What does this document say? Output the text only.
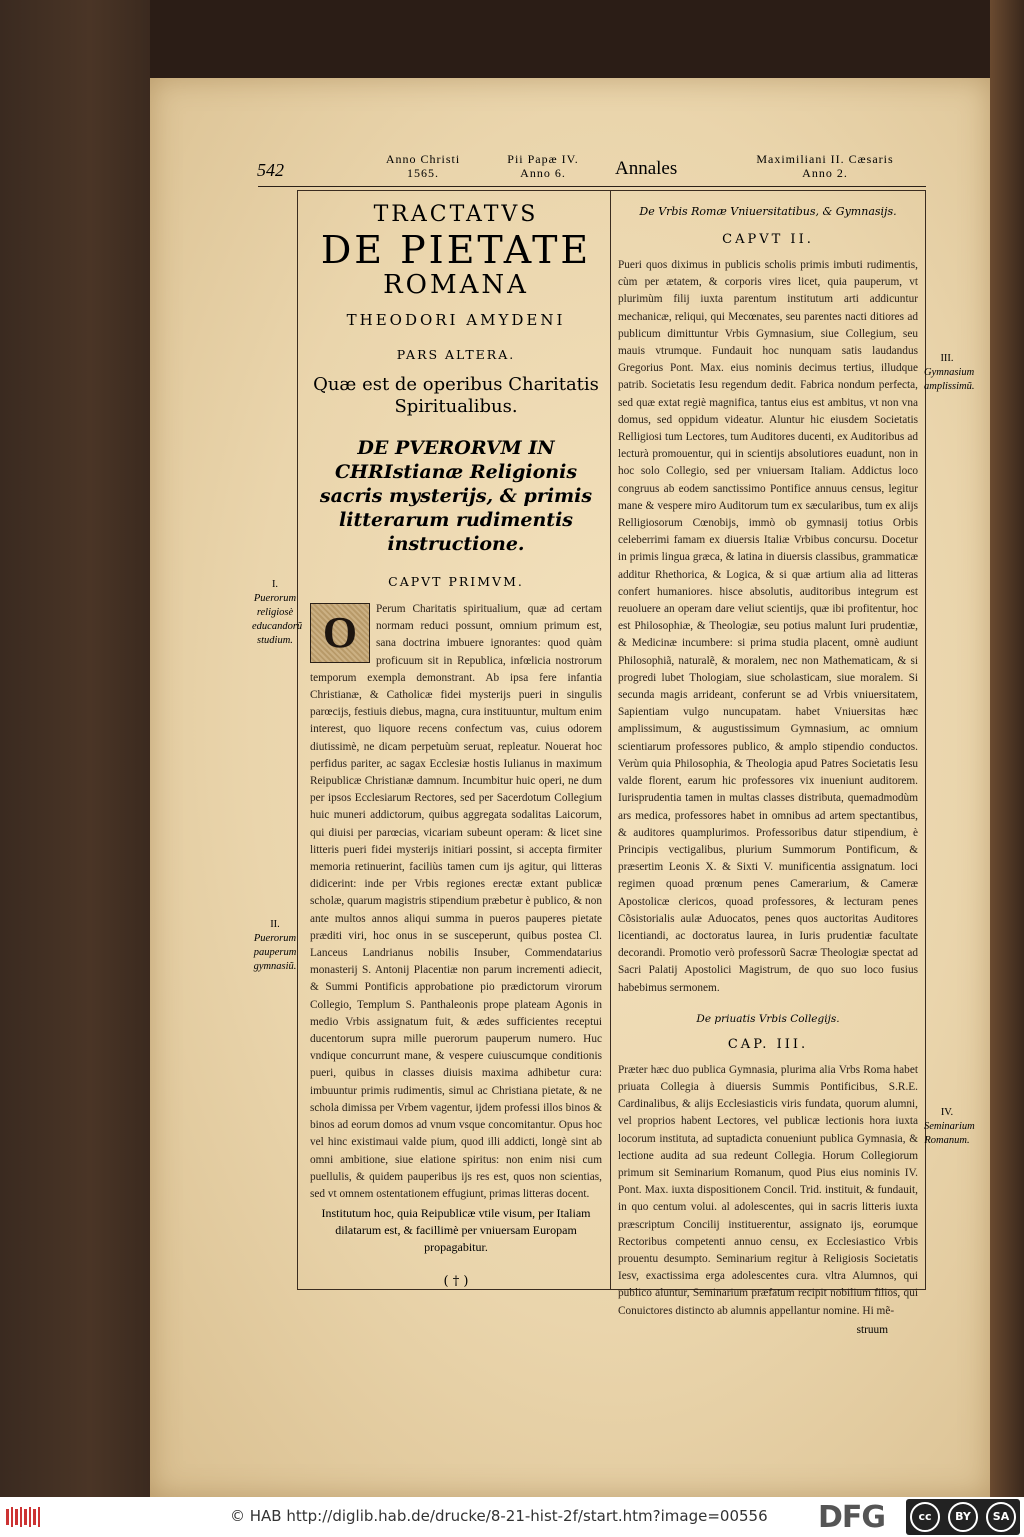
542
Anno Christi
1565.
Pii Papæ IV.
Anno 6.	Annales	Maximiliani II. Cæsaris
Anno 2.
TRACTATVS
DE PIETATE
ROMANA
THEODORI AMYDENI
PARS ALTERA.
Quæ est de operibus Charitatis Spiritualibus.
DE PVERORVM IN CHRIstianæ Religionis sacris mysterijs, & primis litterarum rudimentis instructione.
CAPVT PRIMVM.
O	Perum Charitatis spiritualium, quæ ad certam normam reduci possunt, omnium primum est, sana doctrina imbuere ignorantes: quod quàm proficuum sit in Republica, infœlicia nostrorum temporum exempla demonstrant. Ab ipsa fere infantia Christianæ, & Catholicæ fidei mysterijs pueri in singulis parœcijs, festiuis diebus, magna, cura instituuntur, multum enim interest, quo liquore recens confectum vas, cuius odorem diutissimè, ne dicam perpetuùm seruat, repleatur. Nouerat hoc perfidus pariter, ac sagax Ecclesiæ hostis Iulianus in maximum Reipublicæ Christianæ damnum. Incumbitur huic operi, ne dum per ipsos Ecclesiarum Rectores, sed per Sacerdotum Collegium huic muneri addictorum, quibus aggregata sodalitas Laicorum, qui diuisi per parœcias, vicariam subeunt operam: & licet sine litteris pueri fidei mysterijs initiari possint, si accepta firmiter memoria retinuerint, faciliùs tamen cum ijs agitur, qui litteras didicerint: inde per Vrbis regiones erectæ extant publicæ scholæ, quarum magistris stipendium præbetur è publico, & non ante multos annos aliqui summa in pueros pauperes pietate præditi viri, hoc onus in se susceperunt, quibus postea Cl. Lanceus Landrianus nobilis Insuber, Commendatarius monasterij S. Antonij Placentiæ non parum incrementi adiecit, & Summi Pontificis approbatione pio prædictorum virorum Collegio, Templum S. Panthaleonis prope plateam Agonis in medio Vrbis assignatum fuit, & ædes sufficientes receptui ducentorum supra mille puerorum pauperum numero. Huc vndique concurrunt mane, & vespere cuiuscumque conditionis pueri, quibus in classes diuisis maxima adhibetur cura: imbuuntur primis rudimentis, simul ac Christiana pietate, & ne schola dimissa per Vrbem vagentur, ijdem professi illos binos & binos ad eorum domos ad vnum vsque concomitantur. Opus hoc vel hinc existimaui valde pium, quod illi addicti, longè sint ab omni ambitione, siue elatione spiritus: non enim nisi cum puellulis, & quidem pauperibus ijs res est, quos non scientias, sed vt omnem ostentationem effugiunt, primas litteras docent.
Institutum hoc, quia Reipublicæ vtile visum, per Italiam dilatarum est, & facillimè per vniuersam Europam propagabitur.
( † )
De Vrbis Romæ Vniuersitatibus, & Gymnasijs.
CAPVT II.
Pueri quos diximus in publicis scholis primis imbuti rudimentis, cùm per ætatem, & corporis vires licet, quia pauperum, vt plurimùm filij iuxta parentum institutum arti addicuntur mechanicæ, reliqui, qui Mecœnates, seu parentes nacti ditiores ad publicum dimittuntur Vrbis Gymnasium, siue Collegium, seu mauis vtrumque. Fundauit hoc nunquam satis laudandus Gregorius Pont. Max. eius nominis decimus tertius, illudque patrib. Societatis Iesu regendum dedit. Fabrica nondum perfecta, sed quæ extat regiè magnifica, tantus eius est ambitus, vt non vna domus, sed oppidum videatur. Aluntur hic eiusdem Societatis Relligiosi tum Lectores, tum Auditores ducenti, ex Auditoribus ad lecturà promouentur, qui in scientijs absolutiores euadunt, non in hoc solo Collegio, sed per vniuersam Italiam. Addictus loco congruus ab eodem sanctissimo Pontifice annuus census, legitur mane & vespere miro Auditorum tum ex sæcularibus, tum ex alijs Relligiosorum Cœnobijs, immò ob gymnasij totius Orbis celeberrimi famam ex diuersis Italiæ Vrbibus concursu. Docetur in primis lingua græca, & latina in diuersis classibus, grammaticæ additur Rhethorica, & Logica, & si quæ artium alia ad litteras confert humaniores. hisce absolutis, auditoribus integrum est reuoluere an operam dare veliut scientijs, quæ ibi profitentur, hoc est Philosophiæ, & Theologiæ, seu potius malunt Iuri prudentiæ, & Medicinæ incumbere: si prima studia placent, omnè audiunt Philosophiã, naturalẽ, & moralem, nec non Mathematicam, & si progredi lubet Thologiam, siue scholasticam, siue moralem. Si secunda magis arrideant, conferunt se ad Vrbis vniuersitatem, Sapientiam vulgo nuncupatam. habet Vniuersitas hæc amplissimum, & augustissimum Gymnasium, ac omnium scientiarum professores publico, & amplo stipendio conductos. Verùm quia Philosophia, & Theologia apud Patres Societatis Iesu valde florent, earum hic professores vix inueniunt auditorem. Iurisprudentia tamen in multas classes distributa, quemadmodùm ars medica, professores habet in omnibus ad artem spectantibus, & auditores quamplurimos. Professoribus datur stipendium, è Principis vectigalibus, plurium Summorum Pontificum, & præsertim Leonis X. & Sixti V. munificentia assignatum. loci regimen quoad prœnum penes Camerarium, & Cameræ Apostolicæ clericos, quoad professores, & lecturam penes Cõsistorialis aulæ Aduocatos, penes quos auctoritas Auditores licentiandi, ac doctoratus laurea, in Iuris prudentiæ facultate decorandi. Promotio verò professorũ Sacræ Theologiæ spectat ad Sacri Palatij Apostolici Magistrum, de quo suo loco fusius habebimus sermonem.
De priuatis Vrbis Collegijs.
CAP. III.
Præter hæc duo publica Gymnasia, plurima alia Vrbs Roma habet priuata Collegia à diuersis Summis Pontificibus, S.R.E. Cardinalibus, & alijs Ecclesiasticis viris fundata, quorum alumni, vel proprios habent Lectores, vel publicæ lectionis hora iuxta locorum instituta, ad suptadicta conueniunt publica Gymnasia, & lectione audita ad sua redeunt Collegia. Horum Collegiorum primum sit Seminarium Romanum, quod Pius eius nominis IV. Pont. Max. iuxta dispositionem Concil. Trid. instituit, & fundauit, in quo centum volui. al adolescentes, qui in sacris litteris iuxta præscriptum Concilij instituerentur, assignato ijs, eorumque Rectoribus competenti annuo censu, ex Ecclesiastico Vrbis prouentu desumpto. Seminarium regitur à Religiosis Societatis Iesv, exactissima erga adolescentes cura. vltra Alumnos, qui publico aluntur, Seminarium præfatum recipit nobilium filios, qui Conuictores distincto ab alumnis appellantur nomine. Hi mẽ-
struum
I.
Puerorum religiosè educandorũ studium.
II.
Puerorum pauperum gymnasiũ.
III.
Gymnasium amplissimũ.
IV.
Seminarium Romanum.
© HAB http://diglib.hab.de/drucke/8-21-hist-2f/start.htm?image=00556 DFG	cc	BY	SA
